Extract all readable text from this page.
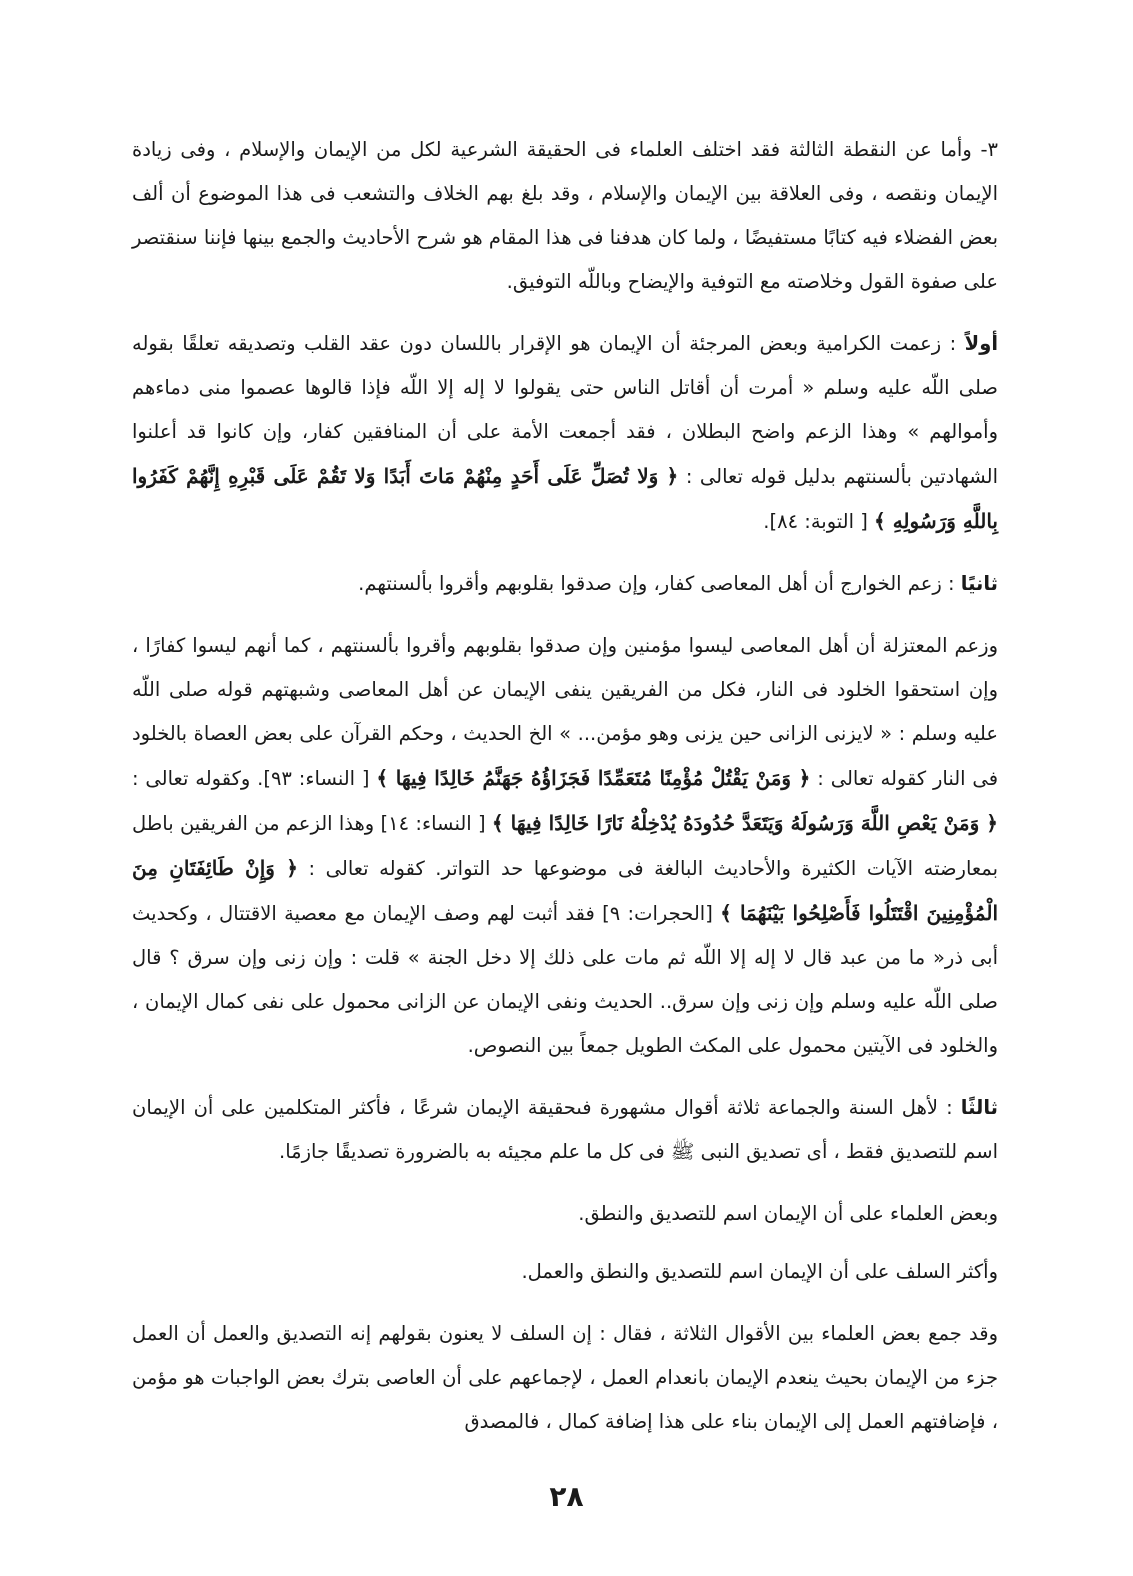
٣- وأما عن النقطة الثالثة فقد اختلف العلماء فى الحقيقة الشرعية لكل من الإيمان والإسلام ، وفى زيادة الإيمان ونقصه ، وفى العلاقة بين الإيمان والإسلام ، وقد بلغ بهم الخلاف والتشعب فى هذا الموضوع أن ألف بعض الفضلاء فيه كتابًا مستفيضًا ، ولما كان هدفنا فى هذا المقام هو شرح الأحاديث والجمع بينها فإننا سنقتصر على صفوة القول وخلاصته مع التوفية والإيضاح وباللّه التوفيق.

أولاً : زعمت الكرامية وبعض المرجئة أن الإيمان هو الإقرار باللسان دون عقد القلب وتصديقه تعلقًا بقوله صلى اللّه عليه وسلم « أمرت أن أقاتل الناس حتى يقولوا لا إله إلا اللّه فإذا قالوها عصموا منى دماءهم وأموالهم » وهذا الزعم واضح البطلان ، فقد أجمعت الأمة على أن المنافقين كفار، وإن كانوا قد أعلنوا الشهادتين بألسنتهم بدليل قوله تعالى : ﴿ وَلا تُصَلِّ عَلَى أَحَدٍ مِنْهُمْ مَاتَ أَبَدًا وَلا تَقُمْ عَلَى قَبْرِهِ إِنَّهُمْ كَفَرُوا بِاللَّهِ وَرَسُولِهِ ﴾ [ التوبة: ٨٤].

ثانيًا : زعم الخوارج أن أهل المعاصى كفار، وإن صدقوا بقلوبهم وأقروا بألسنتهم.

وزعم المعتزلة أن أهل المعاصى ليسوا مؤمنين وإن صدقوا بقلوبهم وأقروا بألسنتهم ، كما أنهم ليسوا كفارًا ، وإن استحقوا الخلود فى النار، فكل من الفريقين ينفى الإيمان عن أهل المعاصى وشبهتهم قوله صلى اللّه عليه وسلم : « لايزنى الزانى حين يزنى وهو مؤمن... » الخ الحديث ، وحكم القرآن على بعض العصاة بالخلود فى النار كقوله تعالى : ﴿ وَمَنْ يَقْتُلْ مُؤْمِنًا مُتَعَمِّدًا فَجَزَاؤُهُ جَهَنَّمُ خَالِدًا فِيهَا ﴾ [ النساء: ٩٣]. وكقوله تعالى : ﴿ وَمَنْ يَعْصِ اللَّهَ وَرَسُولَهُ وَيَتَعَدَّ حُدُودَهُ يُدْخِلْهُ نَارًا خَالِدًا فِيهَا ﴾ [ النساء: ١٤] وهذا الزعم من الفريقين باطل بمعارضته الآيات الكثيرة والأحاديث البالغة فى موضوعها حد التواتر. كقوله تعالى : ﴿ وَإِنْ طَائِفَتَانِ مِنَ الْمُؤْمِنِينَ اقْتَتَلُوا فَأَصْلِحُوا بَيْنَهُمَا ﴾ [الحجرات: ٩] فقد أثبت لهم وصف الإيمان مع معصية الاقتتال ، وكحديث أبى ذر« ما من عبد قال لا إله إلا اللّه ثم مات على ذلك إلا دخل الجنة » قلت : وإن زنى وإن سرق ؟ قال صلى اللّه عليه وسلم وإن زنى وإن سرق.. الحديث ونفى الإيمان عن الزانى محمول على نفى كمال الإيمان ، والخلود فى الآيتين محمول على المكث الطويل جمعاً بين النصوص.

ثالثًا : لأهل السنة والجماعة ثلاثة أقوال مشهورة فىحقيقة الإيمان شرعًا ، فأكثر المتكلمين على أن الإيمان اسم للتصديق فقط ، أى تصديق النبى ﷺ فى كل ما علم مجيئه به بالضرورة تصديقًا جازمًا.

وبعض العلماء على أن الإيمان اسم للتصديق والنطق.

وأكثر السلف على أن الإيمان اسم للتصديق والنطق والعمل.

وقد جمع بعض العلماء بين الأقوال الثلاثة ، فقال : إن السلف لا يعنون بقولهم إنه التصديق والعمل أن العمل جزء من الإيمان بحيث ينعدم الإيمان بانعدام العمل ، لإجماعهم على أن العاصى بترك بعض الواجبات هو مؤمن ، فإضافتهم العمل إلى الإيمان بناء على هذا إضافة كمال ، فالمصدق

٢٨
